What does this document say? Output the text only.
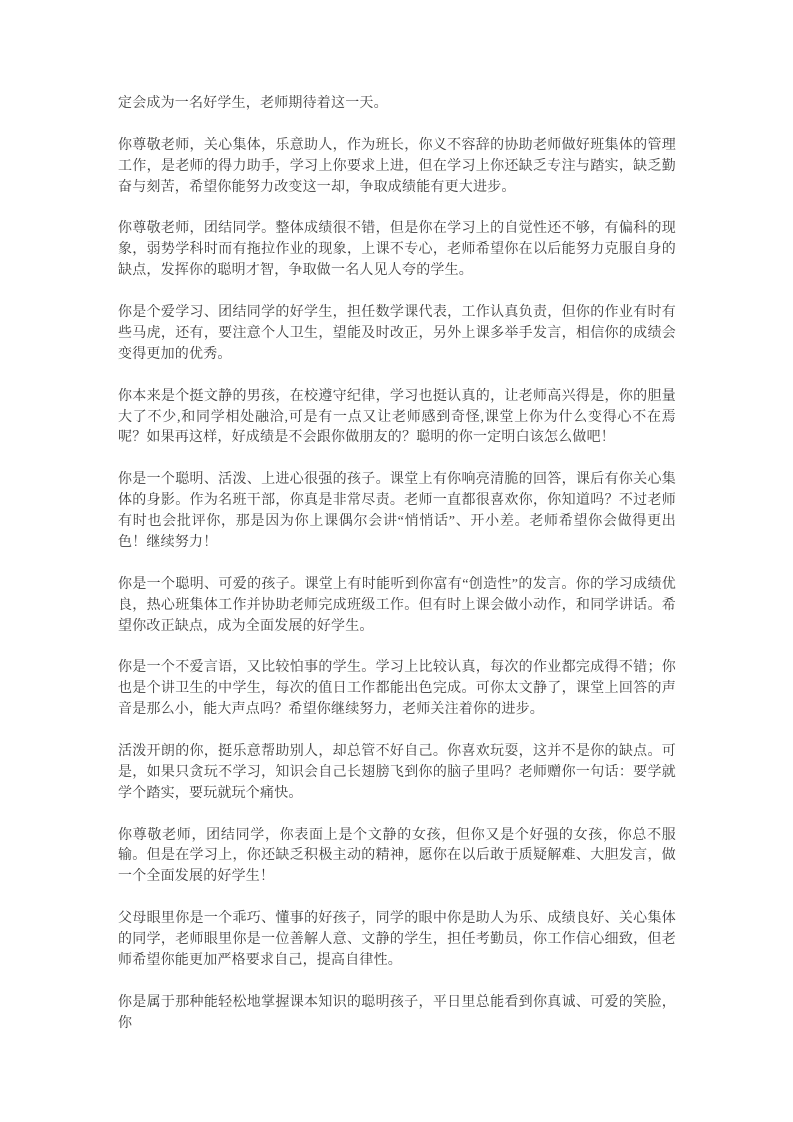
定会成为一名好学生，老师期待着这一天。

你尊敬老师，关心集体，乐意助人，作为班长，你义不容辞的协助老师做好班集体的管理工作，是老师的得力助手，学习上你要求上进，但在学习上你还缺乏专注与踏实，缺乏勤奋与刻苦，希望你能努力改变这一却，争取成绩能有更大进步。

你尊敬老师，团结同学。整体成绩很不错，但是你在学习上的自觉性还不够，有偏科的现象，弱势学科时而有拖拉作业的现象，上课不专心，老师希望你在以后能努力克服自身的缺点，发挥你的聪明才智，争取做一名人见人夸的学生。

你是个爱学习、团结同学的好学生，担任数学课代表，工作认真负责，但你的作业有时有些马虎，还有，要注意个人卫生，望能及时改正，另外上课多举手发言，相信你的成绩会变得更加的优秀。

你本来是个挺文静的男孩，在校遵守纪律，学习也挺认真的，让老师高兴得是，你的胆量大了不少,和同学相处融洽,可是有一点又让老师感到奇怪,课堂上你为什么变得心不在焉呢？如果再这样，好成绩是不会跟你做朋友的？聪明的你一定明白该怎么做吧！

你是一个聪明、活泼、上进心很强的孩子。课堂上有你响亮清脆的回答，课后有你关心集体的身影。作为名班干部，你真是非常尽责。老师一直都很喜欢你，你知道吗？不过老师有时也会批评你，那是因为你上课偶尔会讲“悄悄话”、开小差。老师希望你会做得更出色！继续努力！

你是一个聪明、可爱的孩子。课堂上有时能听到你富有“创造性”的发言。你的学习成绩优良，热心班集体工作并协助老师完成班级工作。但有时上课会做小动作，和同学讲话。希望你改正缺点，成为全面发展的好学生。

你是一个不爱言语，又比较怕事的学生。学习上比较认真，每次的作业都完成得不错；你也是个讲卫生的中学生，每次的值日工作都能出色完成。可你太文静了，课堂上回答的声音是那么小，能大声点吗？希望你继续努力，老师关注着你的进步。

活泼开朗的你，挺乐意帮助别人，却总管不好自己。你喜欢玩耍，这并不是你的缺点。可是，如果只贪玩不学习，知识会自己长翅膀飞到你的脑子里吗？老师赠你一句话：要学就学个踏实，要玩就玩个痛快。

你尊敬老师，团结同学，你表面上是个文静的女孩，但你又是个好强的女孩，你总不服输。但是在学习上，你还缺乏积极主动的精神，愿你在以后敢于质疑解难、大胆发言，做一个全面发展的好学生！

父母眼里你是一个乖巧、懂事的好孩子，同学的眼中你是助人为乐、成绩良好、关心集体的同学，老师眼里你是一位善解人意、文静的学生，担任考勤员，你工作信心细致，但老师希望你能更加严格要求自己，提高自律性。

你是属于那种能轻松地掌握课本知识的聪明孩子，平日里总能看到你真诚、可爱的笑脸，你
